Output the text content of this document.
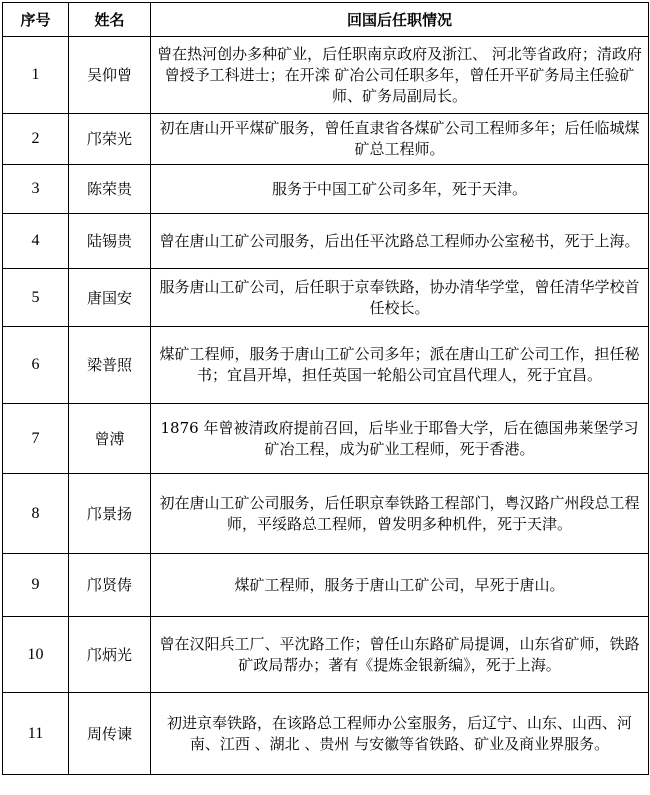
序号	姓名	回国后任职情况
1	吴仰曾	曾在热河创办多种矿业，后任职南京政府及浙江、 河北等省政府；清政府曾授予工科进士；在开滦 矿冶公司任职多年，曾任开平矿务局主任验矿师、矿务局副局长。
2	邝荣光	初在唐山开平煤矿服务，曾任直隶省各煤矿公司工程师多年；后任临城煤矿总工程师。
3	陈荣贵	服务于中国工矿公司多年，死于天津。
4	陆锡贵	曾在唐山工矿公司服务，后出任平沈路总工程师办公室秘书，死于上海。
5	唐国安	服务唐山工矿公司，后任职于京奉铁路，协办清华学堂，曾任清华学校首任校长。
6	梁普照	煤矿工程师，服务于唐山工矿公司多年；派在唐山工矿公司工作，担任秘书；宜昌开埠，担任英国一轮船公司宜昌代理人，死于宜昌。
7	曾溥	1876 年曾被清政府提前召回，后毕业于耶鲁大学，后在德国弗莱堡学习矿冶工程，成为矿业工程师，死于香港。
8	邝景扬	初在唐山工矿公司服务，后任职京奉铁路工程部门，粤汉路广州段总工程师，平绥路总工程师，曾发明多种机件，死于天津。
9	邝贤俦	煤矿工程师，服务于唐山工矿公司，早死于唐山。
10	邝炳光	曾在汉阳兵工厂、平沈路工作；曾任山东路矿局提调，山东省矿师，铁路矿政局帮办；著有《提炼金银新编》，死于上海。
11	周传谏	初进京奉铁路，在该路总工程师办公室服务，后辽宁、山东、山西、河南、江西 、湖北 、贵州 与安徽等省铁路、矿业及商业界服务。
